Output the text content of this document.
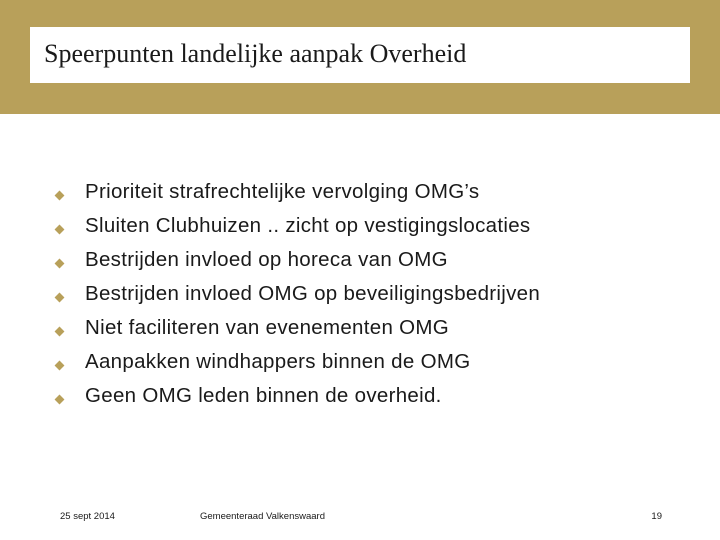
Speerpunten landelijke aanpak Overheid
Prioriteit strafrechtelijke vervolging OMG’s
Sluiten Clubhuizen .. zicht op vestigingslocaties
Bestrijden invloed op horeca van OMG
Bestrijden invloed OMG op beveiligingsbedrijven
Niet faciliteren van evenementen OMG
Aanpakken windhappers binnen de OMG
Geen OMG leden binnen de overheid.
25 sept 2014	Gemeenteraad Valkenswaard	19
